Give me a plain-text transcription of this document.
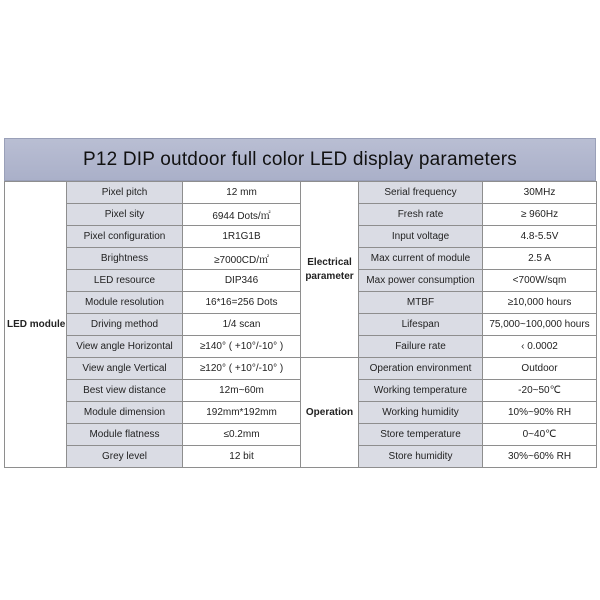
P12 DIP outdoor full color LED display parameters
LED module	Pixel pitch	12 mm	Electrical parameter	Serial frequency	30MHz
	Pixel sity	6944 Dots/㎡		Fresh rate	≥ 960Hz
	Pixel configuration	1R1G1B		Input voltage	4.8-5.5V
	Brightness	≥7000CD/㎡		Max current of module	2.5 A
	LED resource	DIP346		Max power consumption	<700W/sqm
	Module resolution	16*16=256 Dots		MTBF	≥10,000 hours
	Driving method	1/4 scan		Lifespan	75,000~100,000 hours
	View angle Horizontal	≥140° ( +10°/-10° )		Failure rate	‹ 0.0002
	View angle Vertical	≥120° ( +10°/-10° )	Operation	Operation environment	Outdoor
	Best view distance	12m~60m		Working temperature	-20~50℃
	Module dimension	192mm*192mm		Working humidity	10%~90% RH
	Module flatness	≤0.2mm		Store temperature	0~40℃
	Grey level	12 bit		Store humidity	30%~60% RH
